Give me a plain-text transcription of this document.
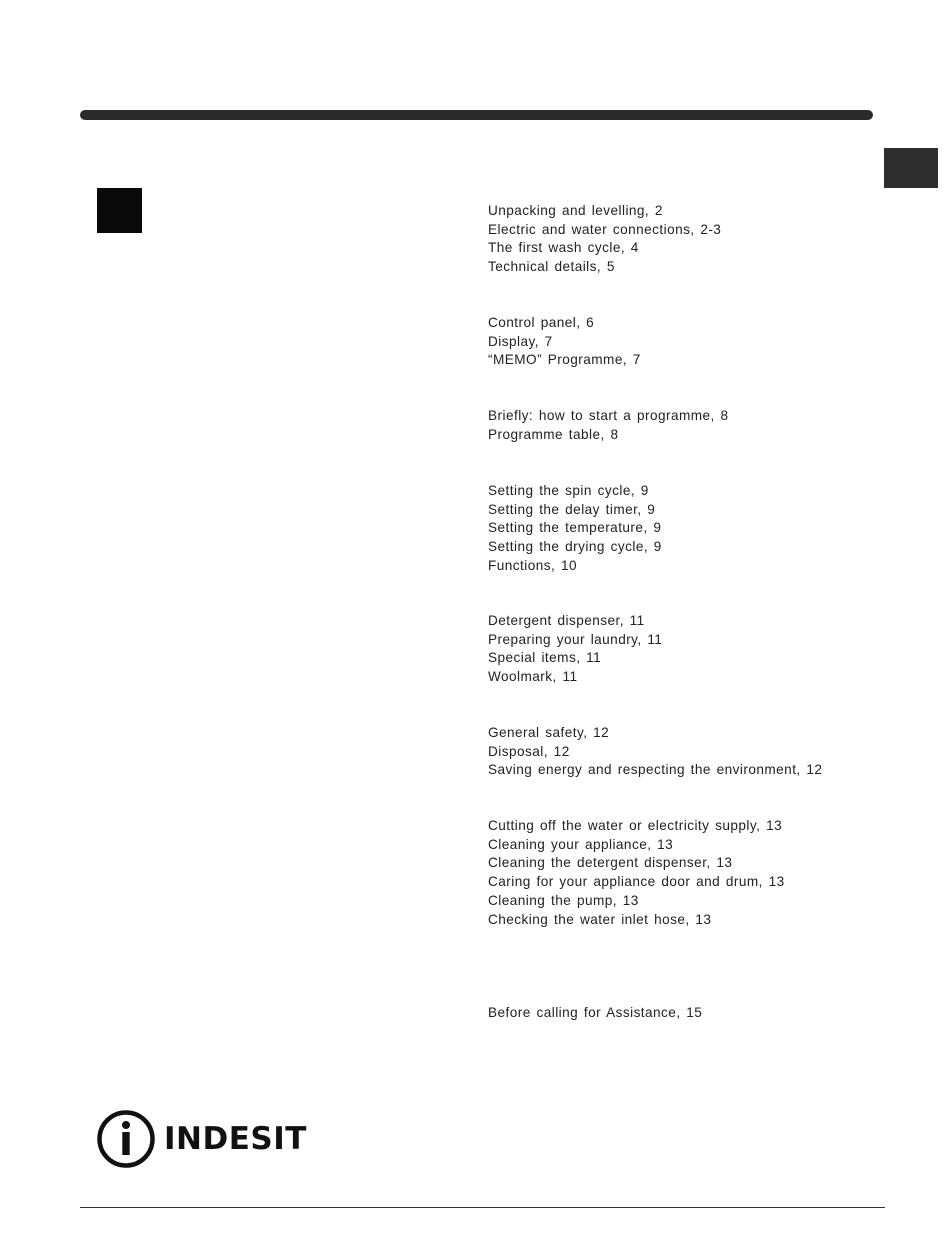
Unpacking and levelling, 2
Electric and water connections, 2-3
The first wash cycle, 4
Technical details, 5
Control panel, 6
Display, 7
“MEMO” Programme, 7
Briefly: how to start a programme, 8
Programme table, 8
Setting the spin cycle, 9
Setting the delay timer, 9
Setting the temperature, 9
Setting the drying cycle, 9
Functions, 10
Detergent dispenser, 11
Preparing your laundry, 11
Special items, 11
Woolmark, 11
General safety, 12
Disposal, 12
Saving energy and respecting the environment, 12
Cutting off the water or electricity supply, 13
Cleaning your appliance, 13
Cleaning the detergent dispenser, 13
Caring for your appliance door and drum, 13
Cleaning the pump, 13
Checking the water inlet hose, 13
Before calling for Assistance, 15
INDESIT
